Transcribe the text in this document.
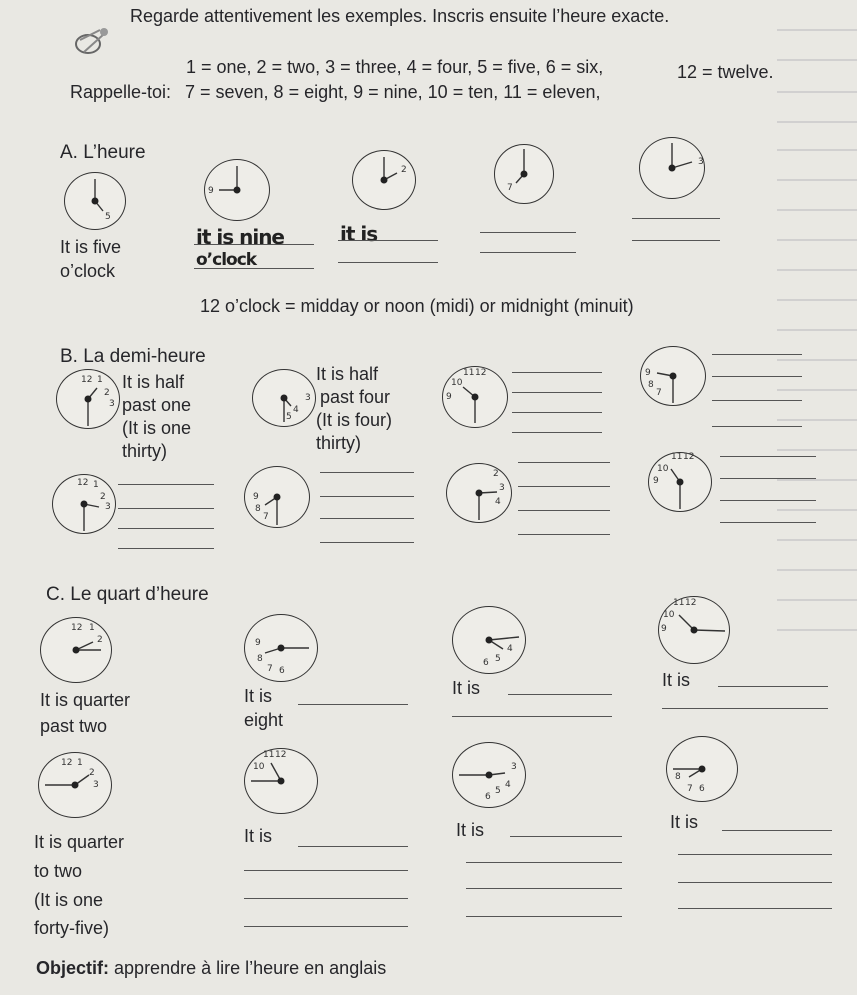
Regarde attentivement les exemples. Inscris ensuite l’heure exacte.
Rappelle-toi:
1 = one, 2 = two, 3 = three, 4 = four, 5 = five, 6 = six,	12 = twelve.
7 = seven, 8 = eight, 9 = nine, 10 = ten, 11 = eleven,
A. L’heure
5
9
2
7
3
It is five
o’clock
it is nine
o’clock
it is
12 o’clock = midday or noon (midi) or midnight (minuit)
B. La demi-heure
12 1
2
3
It is half
past one
(It is one
thirty)
3
4
5
It is half
past four
(It is four)
thirty)
11 12
10
9
9
8
7
12 1
2
3
9
8
7
2
3
4
11 12
10
9
C. Le quart d’heure
12 1
2	9
8
7 6
4
5
6
11 12
10
9
It is quarter
past two
It is
eight
It is	It is
12 1
2
3
11 12
10	3
4
5
6
8
7 6
It is quarter
to two
(It is one
forty-five)
It is	It is	It is
Objectif: apprendre à lire l’heure en anglais
